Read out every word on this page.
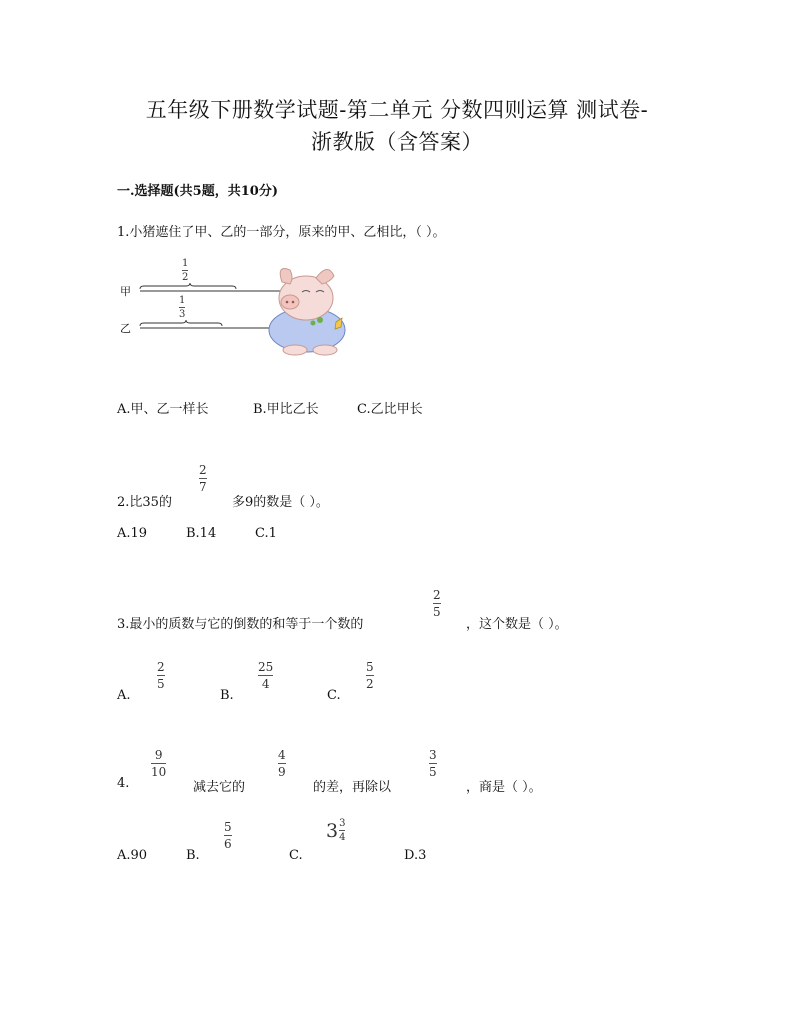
五年级下册数学试题-第二单元 分数四则运算 测试卷-
浙教版（含答案）
一.选择题(共5题，共10分)
1.小猪遮住了甲、乙的一部分，原来的甲、乙相比，（ ）。
甲
乙
1
2
1
3
A.甲、乙一样长	B.甲比乙长	C.乙比甲长
2.比35的
2
7
多9的数是（ ）。
A.19	B.14	C.1
3.最小的质数与它的倒数的和等于一个数的
2
5
，这个数是（ ）。
A.
2
5
B.
25
4
C.
5
2
4.
9
10
减去它的
4
9
的差，再除以
3
5
，商是（ ）。
A.90	B.
5
6
C.
$3 \frac{3}{4}$
D.3
